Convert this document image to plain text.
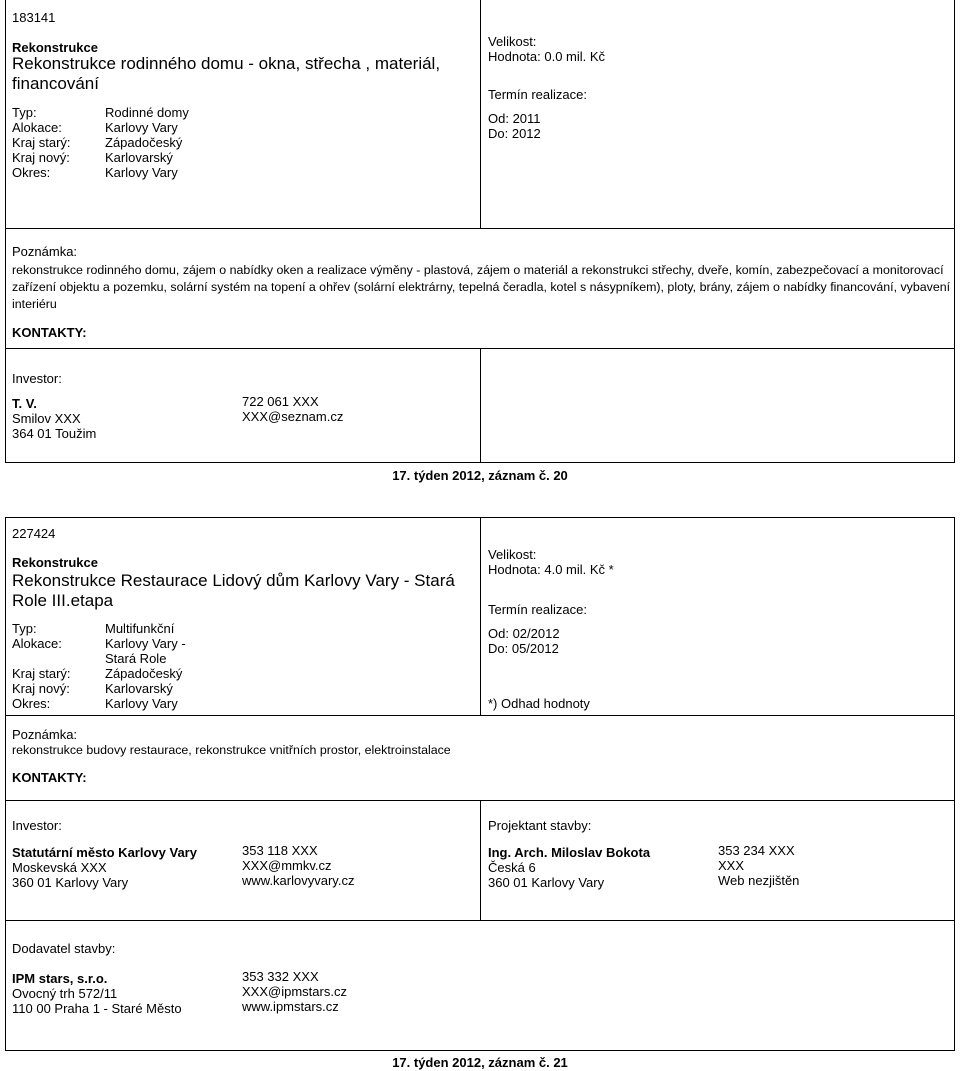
183141
Rekonstrukce
Rekonstrukce rodinného domu - okna, střecha , materiál, financování
Typ:	Rodinné domy
Alokace:	Karlovy Vary
Kraj starý:	Západočeský
Kraj nový:	Karlovarský
Okres:	Karlovy Vary
Velikost:
Hodnota: 0.0 mil. Kč
Termín realizace:
Od: 2011
Do: 2012
Poznámka:
rekonstrukce rodinného domu, zájem o nabídky oken a realizace výměny - plastová, zájem o materiál a rekonstrukci střechy, dveře, komín, zabezpečovací a monitorovací zařízení objektu a pozemku, solární systém na topení a ohřev (solární elektrárny, tepelná čeradla, kotel s násypníkem), ploty, brány, zájem o nabídky financování, vybavení interiéru
KONTAKTY:
Investor:
T. V.
Smilov XXX
364 01 Toužim
722 061 XXX
XXX@seznam.cz
17. týden 2012, záznam č. 20
227424
Rekonstrukce
Rekonstrukce Restaurace Lidový dům Karlovy Vary - Stará Role III.etapa
Typ:	Multifunkční
Alokace:	Karlovy Vary -
	Stará Role
Kraj starý:	Západočeský
Kraj nový:	Karlovarský
Okres:	Karlovy Vary
Velikost:
Hodnota: 4.0 mil. Kč *
Termín realizace:
Od: 02/2012
Do: 05/2012
*) Odhad hodnoty
Poznámka:
rekonstrukce budovy restaurace, rekonstrukce vnitřních prostor, elektroinstalace
KONTAKTY:
Investor:
Statutární město Karlovy Vary
Moskevská XXX
360 01 Karlovy Vary
353 118 XXX
XXX@mmkv.cz
www.karlovyvary.cz
Projektant stavby:
Ing. Arch. Miloslav Bokota
Česká 6
360 01 Karlovy Vary
353 234 XXX
XXX
Web nezjištěn
Dodavatel stavby:
IPM stars, s.r.o.
Ovocný trh 572/11
110 00 Praha 1 - Staré Město
353 332 XXX
XXX@ipmstars.cz
www.ipmstars.cz
17. týden 2012, záznam č. 21
